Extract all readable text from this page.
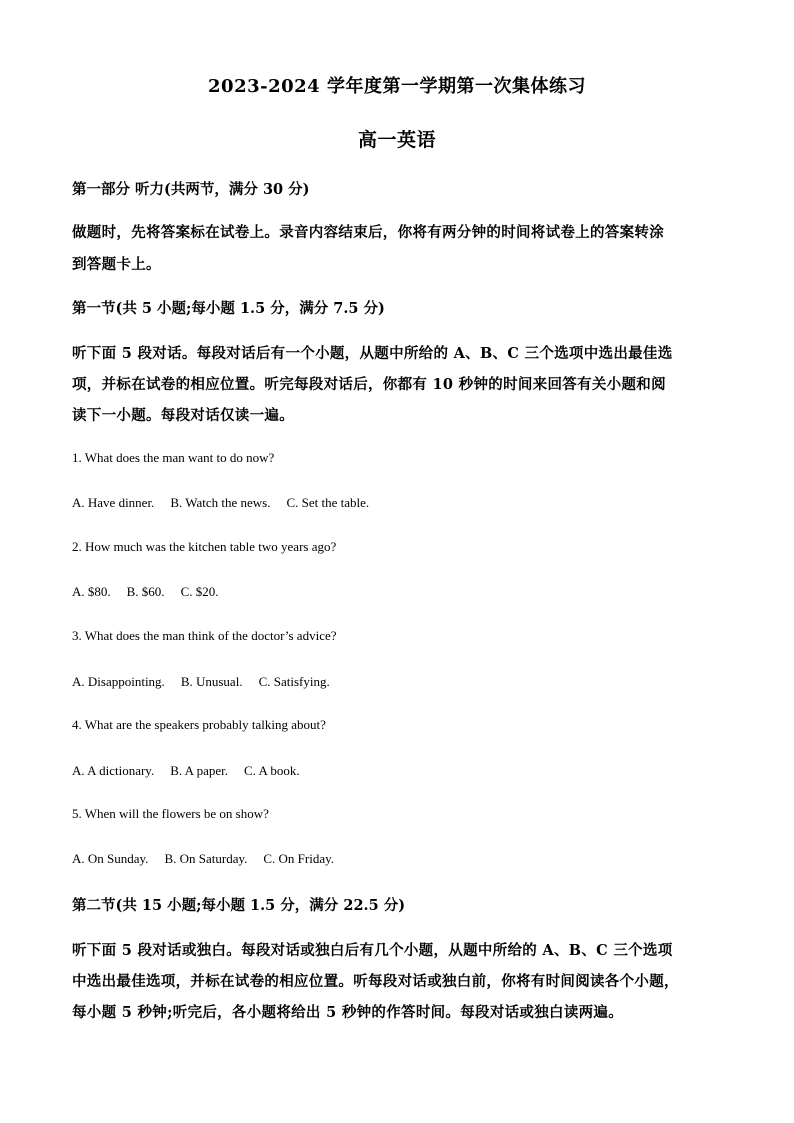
2023-2024 学年度第一学期第一次集体练习
高一英语
第一部分 听力(共两节，满分 30 分)
做题时，先将答案标在试卷上。录音内容结束后，你将有两分钟的时间将试卷上的答案转涂
到答题卡上。
第一节(共 5 小题;每小题 1.5 分，满分 7.5 分)
听下面 5 段对话。每段对话后有一个小题，从题中所给的 A、B、C 三个选项中选出最佳选
项，并标在试卷的相应位置。听完每段对话后，你都有 10 秒钟的时间来回答有关小题和阅
读下一小题。每段对话仅读一遍。
1. What does the man want to do now?
A. Have dinner. B. Watch the news. C. Set the table.
2. How much was the kitchen table two years ago?
A. $80. B. $60. C. $20.
3. What does the man think of the doctor’s advice?
A. Disappointing. B. Unusual. C. Satisfying.
4. What are the speakers probably talking about?
A. A dictionary. B. A paper. C. A book.
5. When will the flowers be on show?
A. On Sunday. B. On Saturday. C. On Friday.
第二节(共 15 小题;每小题 1.5 分，满分 22.5 分)
听下面 5 段对话或独白。每段对话或独白后有几个小题，从题中所给的 A、B、C 三个选项
中选出最佳选项，并标在试卷的相应位置。听每段对话或独白前，你将有时间阅读各个小题，
每小题 5 秒钟;听完后，各小题将给出 5 秒钟的作答时间。每段对话或独白读两遍。
